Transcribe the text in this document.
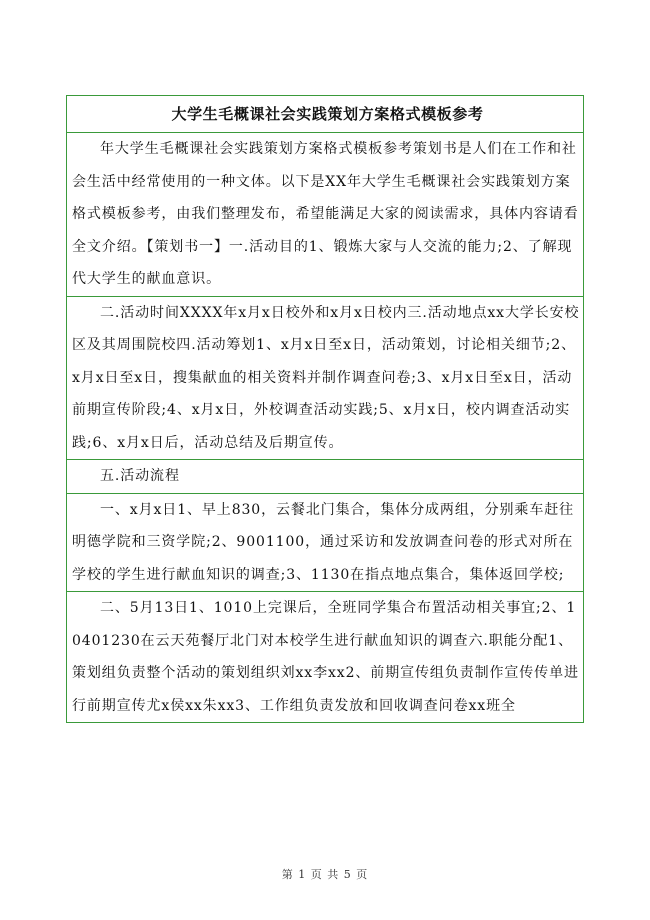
大学生毛概课社会实践策划方案格式模板参考
年大学生毛概课社会实践策划方案格式模板参考策划书是人们在工作和社会生活中经常使用的一种文体。以下是XX年大学生毛概课社会实践策划方案格式模板参考，由我们整理发布，希望能满足大家的阅读需求，具体内容请看全文介绍。【策划书一】一.活动目的1、锻炼大家与人交流的能力;2、了解现代大学生的献血意识。
二.活动时间XXXX年x月x日校外和x月x日校内三.活动地点xx大学长安校区及其周围院校四.活动筹划1、x月x日至x日，活动策划，讨论相关细节;2、x月x日至x日，搜集献血的相关资料并制作调查问卷;3、x月x日至x日，活动前期宣传阶段;4、x月x日，外校调查活动实践;5、x月x日，校内调查活动实践;6、x月x日后，活动总结及后期宣传。
五.活动流程
一、x月x日1、早上830，云餐北门集合，集体分成两组，分别乘车赶往明德学院和三资学院;2、9001100，通过采访和发放调查问卷的形式对所在学校的学生进行献血知识的调查;3、1130在指点地点集合，集体返回学校;
二、5月13日1、1010上完课后，全班同学集合布置活动相关事宜;2、10401230在云天苑餐厅北门对本校学生进行献血知识的调查六.职能分配1、策划组负责整个活动的策划组织刘xx李xx2、前期宣传组负责制作宣传传单进行前期宣传尤x侯xx朱xx3、工作组负责发放和回收调查问卷xx班全
第 1 页 共 5 页
